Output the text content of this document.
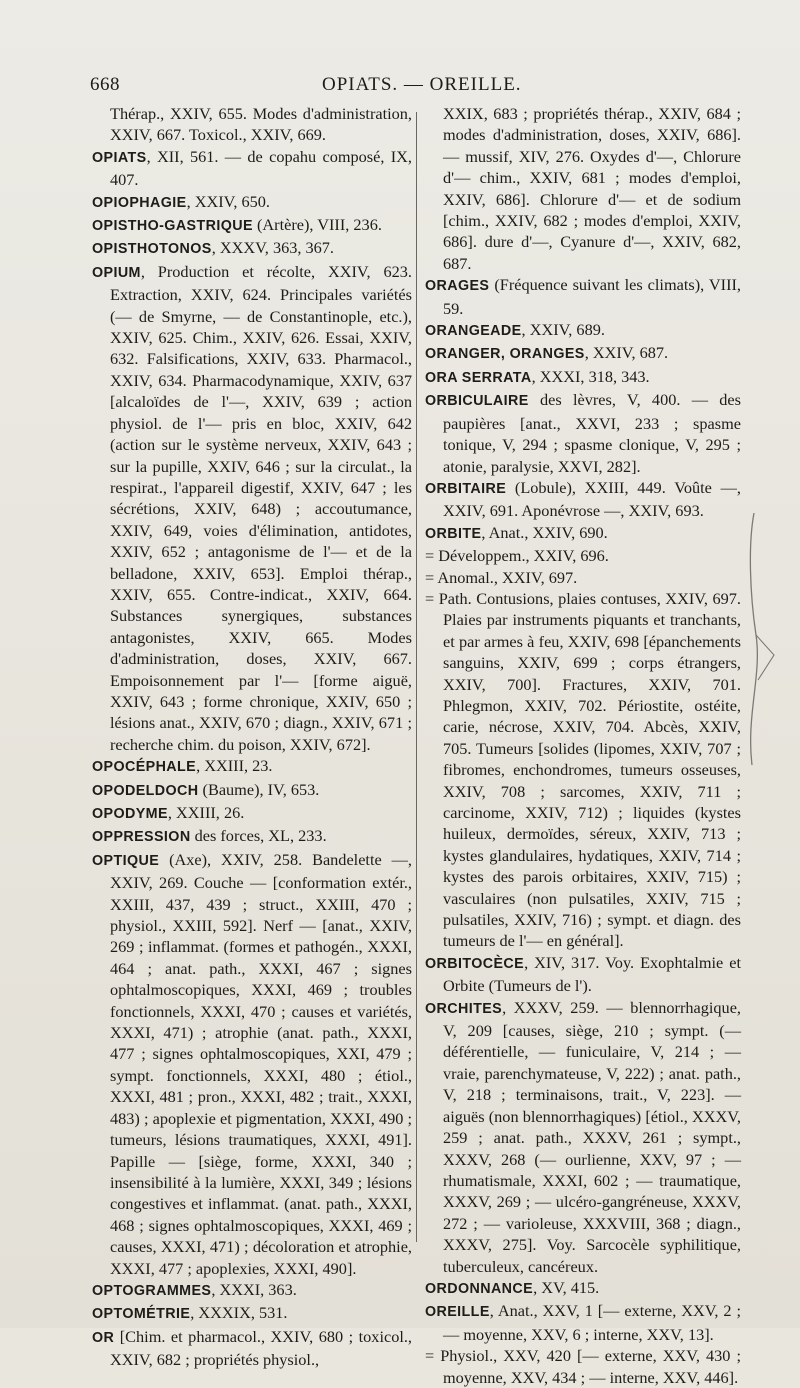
668	OPIATS. — OREILLE.

Thérap., XXIV, 655. Modes d'administration, XXIV, 667. Toxicol., XXIV, 669.

OPIATS, XII, 561. — de copahu composé, IX, 407.

OPIOPHAGIE, XXIV, 650.

OPISTHO-GASTRIQUE (Artère), VIII, 236.

OPISTHOTONOS, XXXV, 363, 367.

OPIUM, Production et récolte, XXIV, 623. Extraction, XXIV, 624. Principales variétés (— de Smyrne, — de Constantinople, etc.), XXIV, 625. Chim., XXIV, 626. Essai, XXIV, 632. Falsifications, XXIV, 633. Pharmacol., XXIV, 634. Pharmacodynamique, XXIV, 637 [alcaloïdes de l'—, XXIV, 639 ; action physiol. de l'— pris en bloc, XXIV, 642 (action sur le système nerveux, XXIV, 643 ; sur la pupille, XXIV, 646 ; sur la circulat., la respirat., l'appareil digestif, XXIV, 647 ; les sécrétions, XXIV, 648) ; accoutumance, XXIV, 649, voies d'élimination, antidotes, XXIV, 652 ; antagonisme de l'— et de la belladone, XXIV, 653]. Emploi thérap., XXIV, 655. Contre-indicat., XXIV, 664. Substances synergiques, substances antagonistes, XXIV, 665. Modes d'administration, doses, XXIV, 667. Empoisonnement par l'— [forme aiguë, XXIV, 643 ; forme chronique, XXIV, 650 ; lésions anat., XXIV, 670 ; diagn., XXIV, 671 ; recherche chim. du poison, XXIV, 672].

OPOCÉPHALE, XXIII, 23.

OPODELDOCH (Baume), IV, 653.

OPODYME, XXIII, 26.

OPPRESSION des forces, XL, 233.

OPTIQUE (Axe), XXIV, 258. Bandelette —, XXIV, 269. Couche — [conformation extér., XXIII, 437, 439 ; struct., XXIII, 470 ; physiol., XXIII, 592]. Nerf — [anat., XXIV, 269 ; inflammat. (formes et pathogén., XXXI, 464 ; anat. path., XXXI, 467 ; signes ophtalmoscopiques, XXXI, 469 ; troubles fonctionnels, XXXI, 470 ; causes et variétés, XXXI, 471) ; atrophie (anat. path., XXXI, 477 ; signes ophtalmoscopiques, XXI, 479 ; sympt. fonctionnels, XXXI, 480 ; étiol., XXXI, 481 ; pron., XXXI, 482 ; trait., XXXI, 483) ; apoplexie et pigmentation, XXXI, 490 ; tumeurs, lésions traumatiques, XXXI, 491]. Papille — [siège, forme, XXXI, 340 ; insensibilité à la lumière, XXXI, 349 ; lésions congestives et inflammat. (anat. path., XXXI, 468 ; signes ophtalmoscopiques, XXXI, 469 ; causes, XXXI, 471) ; décoloration et atrophie, XXXI, 477 ; apoplexies, XXXI, 490].

OPTOGRAMMES, XXXI, 363.

OPTOMÉTRIE, XXXIX, 531.

OR [Chim. et pharmacol., XXIV, 680 ; toxicol., XXIV, 682 ; propriétés physiol.,

XXIX, 683 ; propriétés thérap., XXIV, 684 ; modes d'administration, doses, XXIV, 686]. — mussif, XIV, 276. Oxydes d'—, Chlorure d'— chim., XXIV, 681 ; modes d'emploi, XXIV, 686]. Chlorure d'— et de sodium [chim., XXIV, 682 ; modes d'emploi, XXIV, 686]. dure d'—, Cyanure d'—, XXIV, 682, 687.

ORAGES (Fréquence suivant les climats), VIII, 59.

ORANGEADE, XXIV, 689.

ORANGER, ORANGES, XXIV, 687.

ORA SERRATA, XXXI, 318, 343.

ORBICULAIRE des lèvres, V, 400. — des paupières [anat., XXVI, 233 ; spasme tonique, V, 294 ; spasme clonique, V, 295 ; atonie, paralysie, XXVI, 282].

ORBITAIRE (Lobule), XXIII, 449. Voûte —, XXIV, 691. Aponévrose —, XXIV, 693.

ORBITE, Anat., XXIV, 690.

= Développem., XXIV, 696.

= Anomal., XXIV, 697.

= Path. Contusions, plaies contuses, XXIV, 697. Plaies par instruments piquants et tranchants, et par armes à feu, XXIV, 698 [épanchements sanguins, XXIV, 699 ; corps étrangers, XXIV, 700]. Fractures, XXIV, 701. Phlegmon, XXIV, 702. Périostite, ostéite, carie, nécrose, XXIV, 704. Abcès, XXIV, 705. Tumeurs [solides (lipomes, XXIV, 707 ; fibromes, enchondromes, tumeurs osseuses, XXIV, 708 ; sarcomes, XXIV, 711 ; carcinome, XXIV, 712) ; liquides (kystes huileux, dermoïdes, séreux, XXIV, 713 ; kystes glandulaires, hydatiques, XXIV, 714 ; kystes des parois orbitaires, XXIV, 715) ; vasculaires (non pulsatiles, XXIV, 715 ; pulsatiles, XXIV, 716) ; sympt. et diagn. des tumeurs de l'— en général].

ORBITOCÈCE, XIV, 317. Voy. Exophtalmie et Orbite (Tumeurs de l').

ORCHITES, XXXV, 259. — blennorrhagique, V, 209 [causes, siège, 210 ; sympt. (— déférentielle, — funiculaire, V, 214 ; — vraie, parenchymateuse, V, 222) ; anat. path., V, 218 ; terminaisons, trait., V, 223]. — aiguës (non blennorrhagiques) [étiol., XXXV, 259 ; anat. path., XXXV, 261 ; sympt., XXXV, 268 (— ourlienne, XXV, 97 ; — rhumatismale, XXXI, 602 ; — traumatique, XXXV, 269 ; — ulcéro-gangréneuse, XXXV, 272 ; — varioleuse, XXXVIII, 368 ; diagn., XXXV, 275]. Voy. Sarcocèle syphilitique, tuberculeux, cancéreux.

ORDONNANCE, XV, 415.

OREILLE, Anat., XXV, 1 [— externe, XXV, 2 ; — moyenne, XXV, 6 ; interne, XXV, 13].

= Physiol., XXV, 420 [— externe, XXV, 430 ; moyenne, XXV, 434 ; — interne, XXV, 446].
